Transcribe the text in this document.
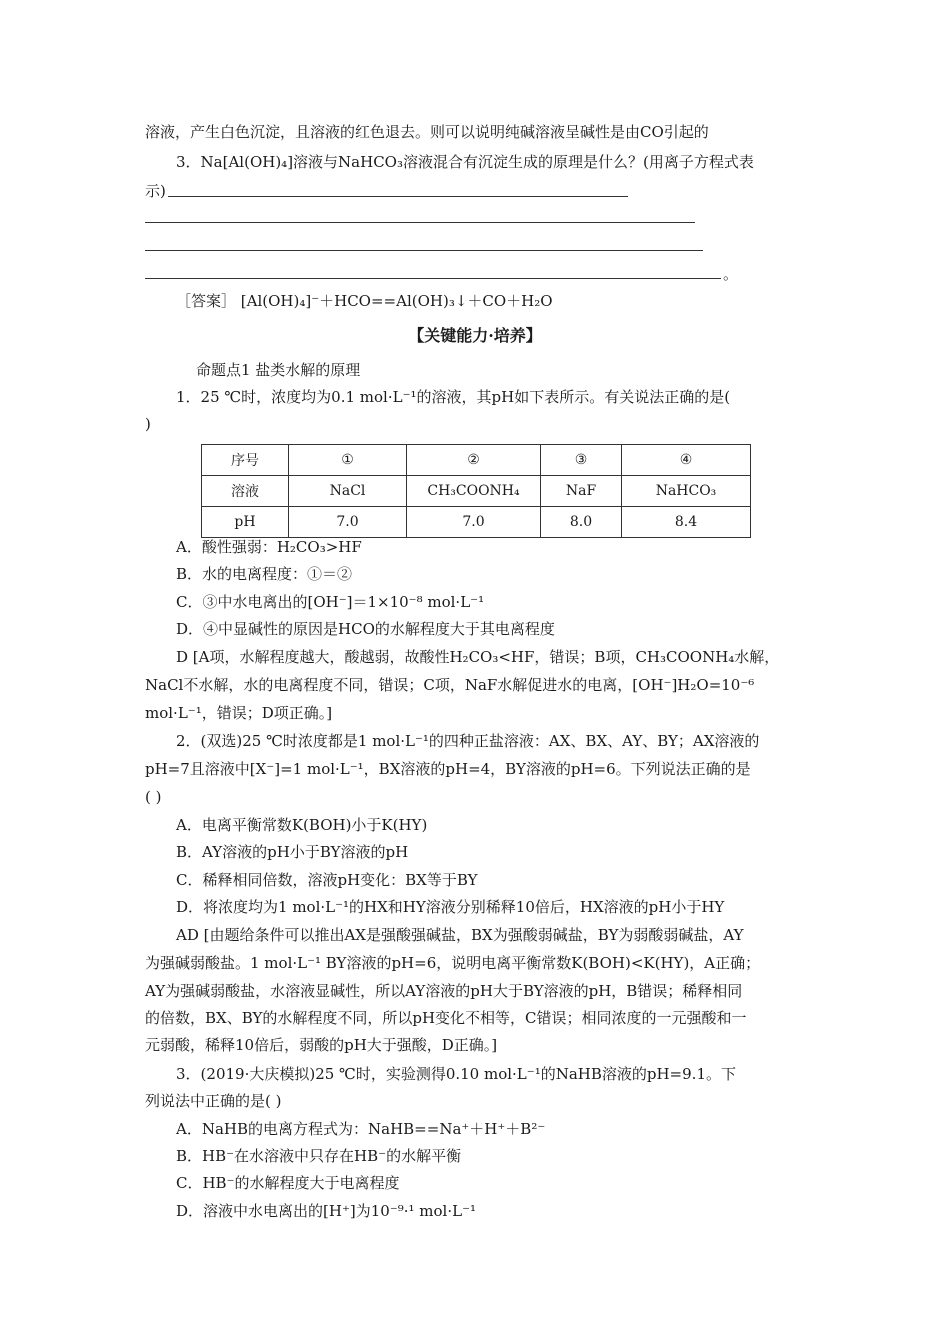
溶液，产生白色沉淀，且溶液的红色退去。则可以说明纯碱溶液呈碱性是由CO引起的
3．Na[Al(OH)₄]溶液与NaHCO₃溶液混合有沉淀生成的原理是什么？(用离子方程式表
示)
。
［答案］ [Al(OH)₄]⁻＋HCO==Al(OH)₃↓＋CO＋H₂O
【关键能力·培养】
命题点1 盐类水解的原理
1．25 ℃时，浓度均为0.1 mol·L⁻¹的溶液，其pH如下表所示。有关说法正确的是(
)
序号	①	②	③	④
溶液	NaCl	CH₃COONH₄	NaF	NaHCO₃
pH	7.0	7.0	8.0	8.4
A．酸性强弱：H₂CO₃>HF
B．水的电离程度：①＝②
C．③中水电离出的[OH⁻]＝1×10⁻⁸ mol·L⁻¹
D．④中显碱性的原因是HCO的水解程度大于其电离程度
D [A项，水解程度越大，酸越弱，故酸性H₂CO₃<HF，错误；B项，CH₃COONH₄水解，
NaCl不水解，水的电离程度不同，错误；C项，NaF水解促进水的电离，[OH⁻]H₂O=10⁻⁶
mol·L⁻¹，错误；D项正确。]
2．(双选)25 ℃时浓度都是1 mol·L⁻¹的四种正盐溶液：AX、BX、AY、BY；AX溶液的
pH=7且溶液中[X⁻]=1 mol·L⁻¹，BX溶液的pH=4，BY溶液的pH=6。下列说法正确的是
( )
A．电离平衡常数K(BOH)小于K(HY)
B．AY溶液的pH小于BY溶液的pH
C．稀释相同倍数，溶液pH变化：BX等于BY
D．将浓度均为1 mol·L⁻¹的HX和HY溶液分别稀释10倍后，HX溶液的pH小于HY
AD [由题给条件可以推出AX是强酸强碱盐，BX为强酸弱碱盐，BY为弱酸弱碱盐，AY
为强碱弱酸盐。1 mol·L⁻¹ BY溶液的pH=6，说明电离平衡常数K(BOH)<K(HY)，A正确；
AY为强碱弱酸盐，水溶液显碱性，所以AY溶液的pH大于BY溶液的pH，B错误；稀释相同
的倍数，BX、BY的水解程度不同，所以pH变化不相等，C错误；相同浓度的一元强酸和一
元弱酸，稀释10倍后，弱酸的pH大于强酸，D正确。]
3．(2019·大庆模拟)25 ℃时，实验测得0.10 mol·L⁻¹的NaHB溶液的pH=9.1。下
列说法中正确的是( )
A．NaHB的电离方程式为：NaHB==Na⁺＋H⁺＋B²⁻
B．HB⁻在水溶液中只存在HB⁻的水解平衡
C．HB⁻的水解程度大于电离程度
D．溶液中水电离出的[H⁺]为10⁻⁹·¹ mol·L⁻¹
